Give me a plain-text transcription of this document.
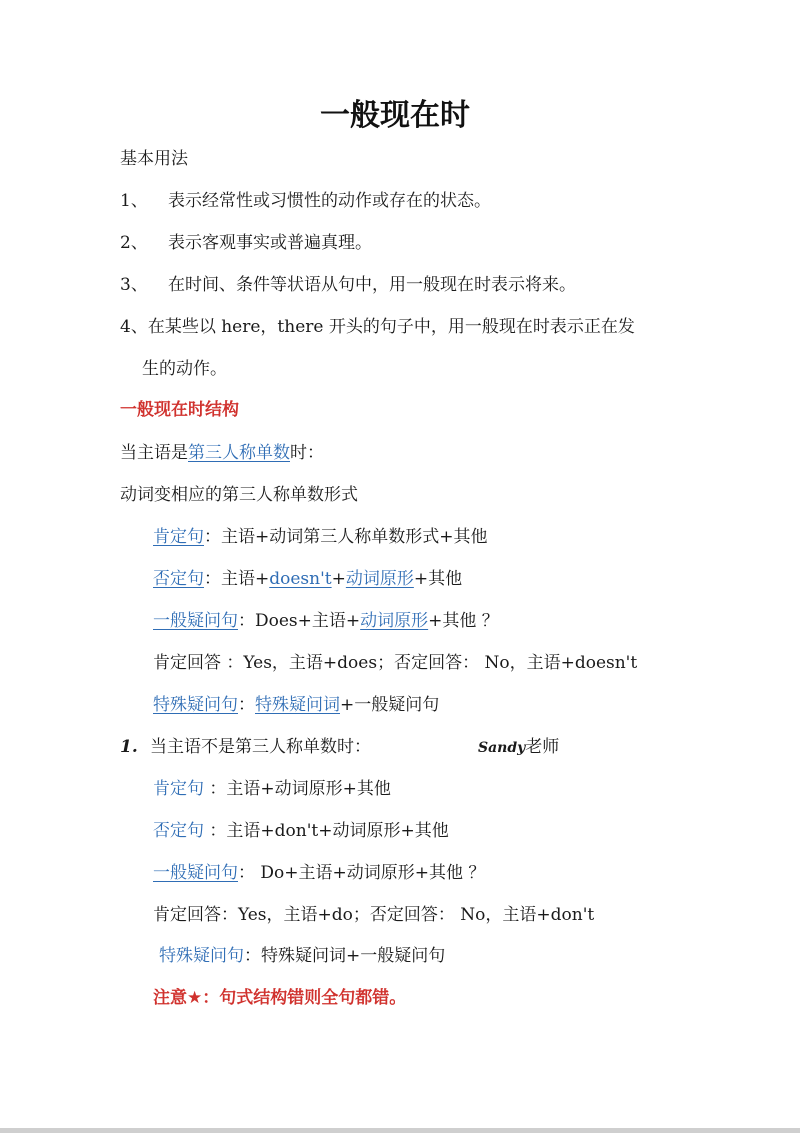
一般现在时
基本用法
1、 表示经常性或习惯性的动作或存在的状态。
2、 表示客观事实或普遍真理。
3、 在时间、条件等状语从句中，用一般现在时表示将来。
4、在某些以 here，there 开头的句子中，用一般现在时表示正在发
生的动作。
一般现在时结构
当主语是第三人称单数时：
动词变相应的第三人称单数形式
肯定句：主语+动词第三人称单数形式+其他
否定句：主语+doesn't+动词原形+其他
一般疑问句：Does+主语+动词原形+其他 ？
肯定回答 ：Yes，主语+does；否定回答： No，主语+doesn't
特殊疑问句：特殊疑问词+一般疑问句
1. 当主语不是第三人称单数时：	Sandy老师
肯定句 ：主语+动词原形+其他
否定句 ：主语+don't+动词原形+其他
一般疑问句： Do+主语+动词原形+其他 ？
肯定回答：Yes，主语+do；否定回答： No，主语+don't
特殊疑问句：特殊疑问词+一般疑问句
注意★：句式结构错则全句都错。
